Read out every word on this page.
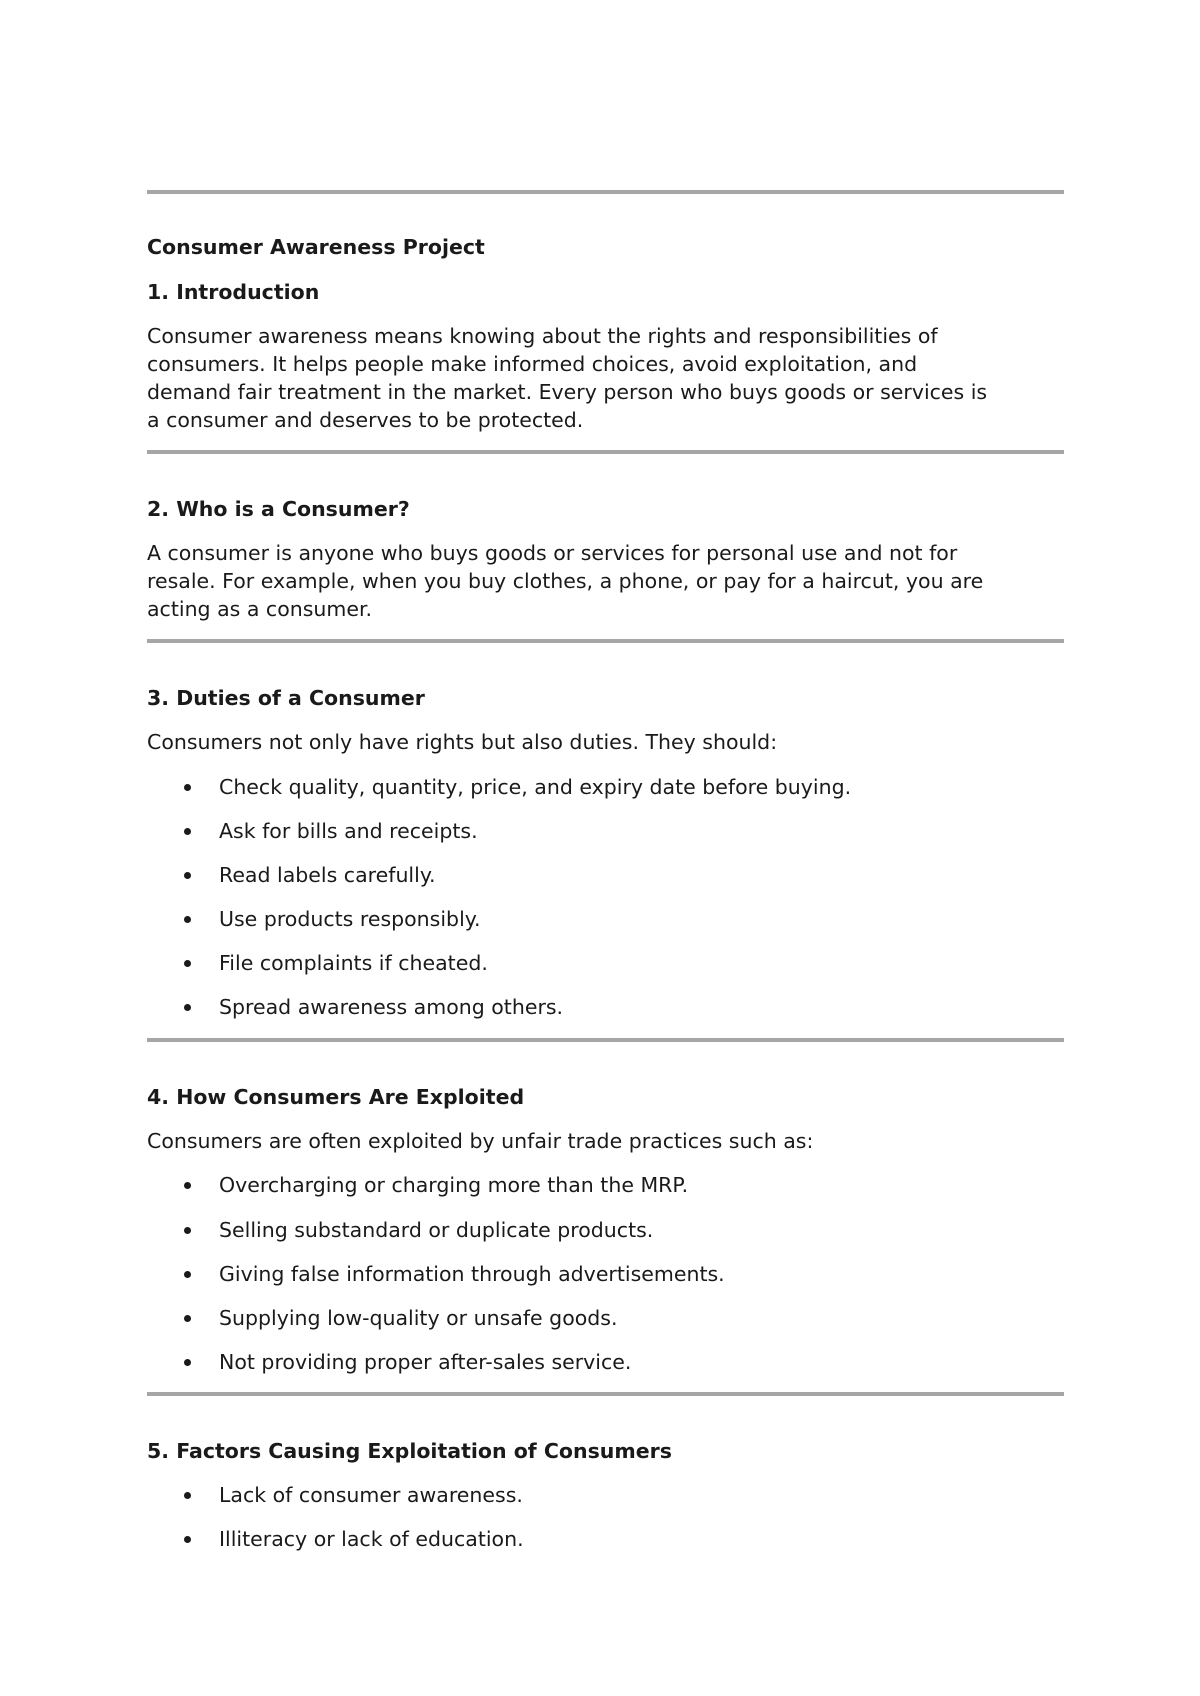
Consumer Awareness Project
1. Introduction
Consumer awareness means knowing about the rights and responsibilities of
consumers. It helps people make informed choices, avoid exploitation, and
demand fair treatment in the market. Every person who buys goods or services is
a consumer and deserves to be protected.
2. Who is a Consumer?
A consumer is anyone who buys goods or services for personal use and not for
resale. For example, when you buy clothes, a phone, or pay for a haircut, you are
acting as a consumer.
3. Duties of a Consumer
Consumers not only have rights but also duties. They should:
Check quality, quantity, price, and expiry date before buying.
Ask for bills and receipts.
Read labels carefully.
Use products responsibly.
File complaints if cheated.
Spread awareness among others.
4. How Consumers Are Exploited
Consumers are often exploited by unfair trade practices such as:
Overcharging or charging more than the MRP.
Selling substandard or duplicate products.
Giving false information through advertisements.
Supplying low-quality or unsafe goods.
Not providing proper after-sales service.
5. Factors Causing Exploitation of Consumers
Lack of consumer awareness.
Illiteracy or lack of education.
